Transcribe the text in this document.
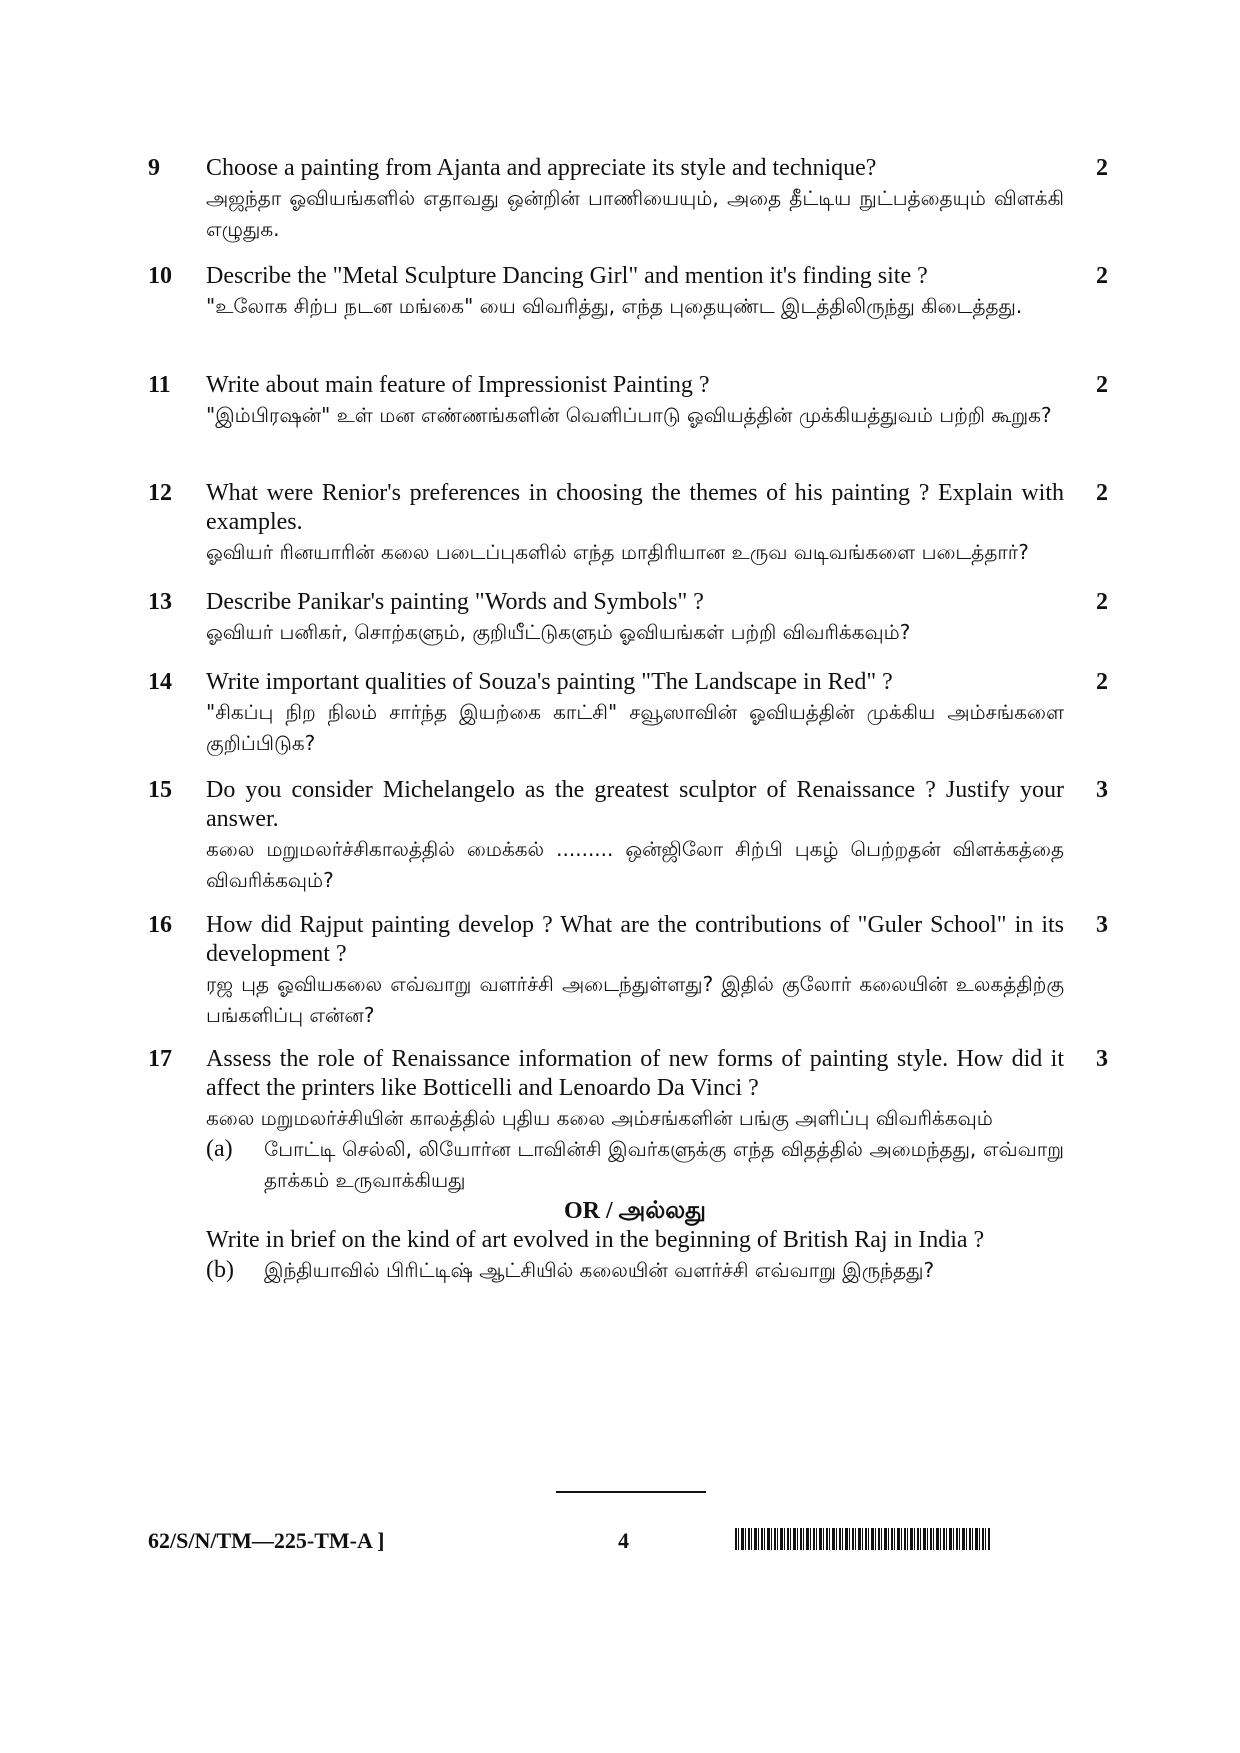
9	Choose a painting from Ajanta and appreciate its style and technique?

அஜந்தா ஓவியங்களில் எதாவது ஒன்றின் பாணியையும், அதை தீட்டிய நுட்பத்தையும் விளக்கி எழுதுக.

2
10	Describe the "Metal Sculpture Dancing Girl" and mention it's finding site ?

"உலோக சிற்ப நடன மங்கை" யை விவரித்து, எந்த புதையுண்ட இடத்திலிருந்து கிடைத்தது.

2
11	Write about main feature of Impressionist Painting ?

"இம்பிரஷன்" உள் மன எண்ணங்களின் வெளிப்பாடு ஓவியத்தின் முக்கியத்துவம் பற்றி கூறுக?

2
12	What were Renior's preferences in choosing the themes of his painting ? Explain with examples.

ஓவியர் ரினயாரின் கலை படைப்புகளில் எந்த மாதிரியான உருவ வடிவங்களை படைத்தார்?

2
13	Describe Panikar's painting "Words and Symbols" ?

ஓவியர் பனிகர், சொற்களும், குறியீட்டுகளும் ஓவியங்கள் பற்றி விவரிக்கவும்?

2
14	Write important qualities of Souza's painting "The Landscape in Red" ?

"சிகப்பு நிற நிலம் சார்ந்த இயற்கை காட்சி" சவூஸாவின் ஓவியத்தின் முக்கிய அம்சங்களை குறிப்பிடுக?

2
15	Do you consider Michelangelo as the greatest sculptor of Renaissance ? Justify your answer.

கலை மறுமலர்ச்சிகாலத்தில் மைக்கல் ......... ஒன்ஜிலோ சிற்பி புகழ் பெற்றதன் விளக்கத்தை விவரிக்கவும்?

3
16	How did Rajput painting develop ? What are the contributions of "Guler School" in its development ?

ரஜ புத ஓவியகலை எவ்வாறு வளர்ச்சி அடைந்துள்ளது? இதில் குலோர் கலையின் உலகத்திற்கு பங்களிப்பு என்ன?

3
17	Assess the role of Renaissance information of new forms of painting style. How did it affect the printers like Botticelli and Lenoardo Da Vinci ?

கலை மறுமலர்ச்சியின் காலத்தில் புதிய கலை அம்சங்களின் பங்கு அளிப்பு விவரிக்கவும்

(a)	போட்டி செல்லி, லியோர்ன டாவின்சி இவர்களுக்கு எந்த விதத்தில் அமைந்தது, எவ்வாறு தாக்கம் உருவாக்கியது

OR / அல்லது

Write in brief on the kind of art evolved in the beginning of British Raj in India ?

(b)	இந்தியாவில் பிரிட்டிஷ் ஆட்சியில் கலையின் வளர்ச்சி எவ்வாறு இருந்தது?
3
62/S/N/TM—225-TM-A ]	4
